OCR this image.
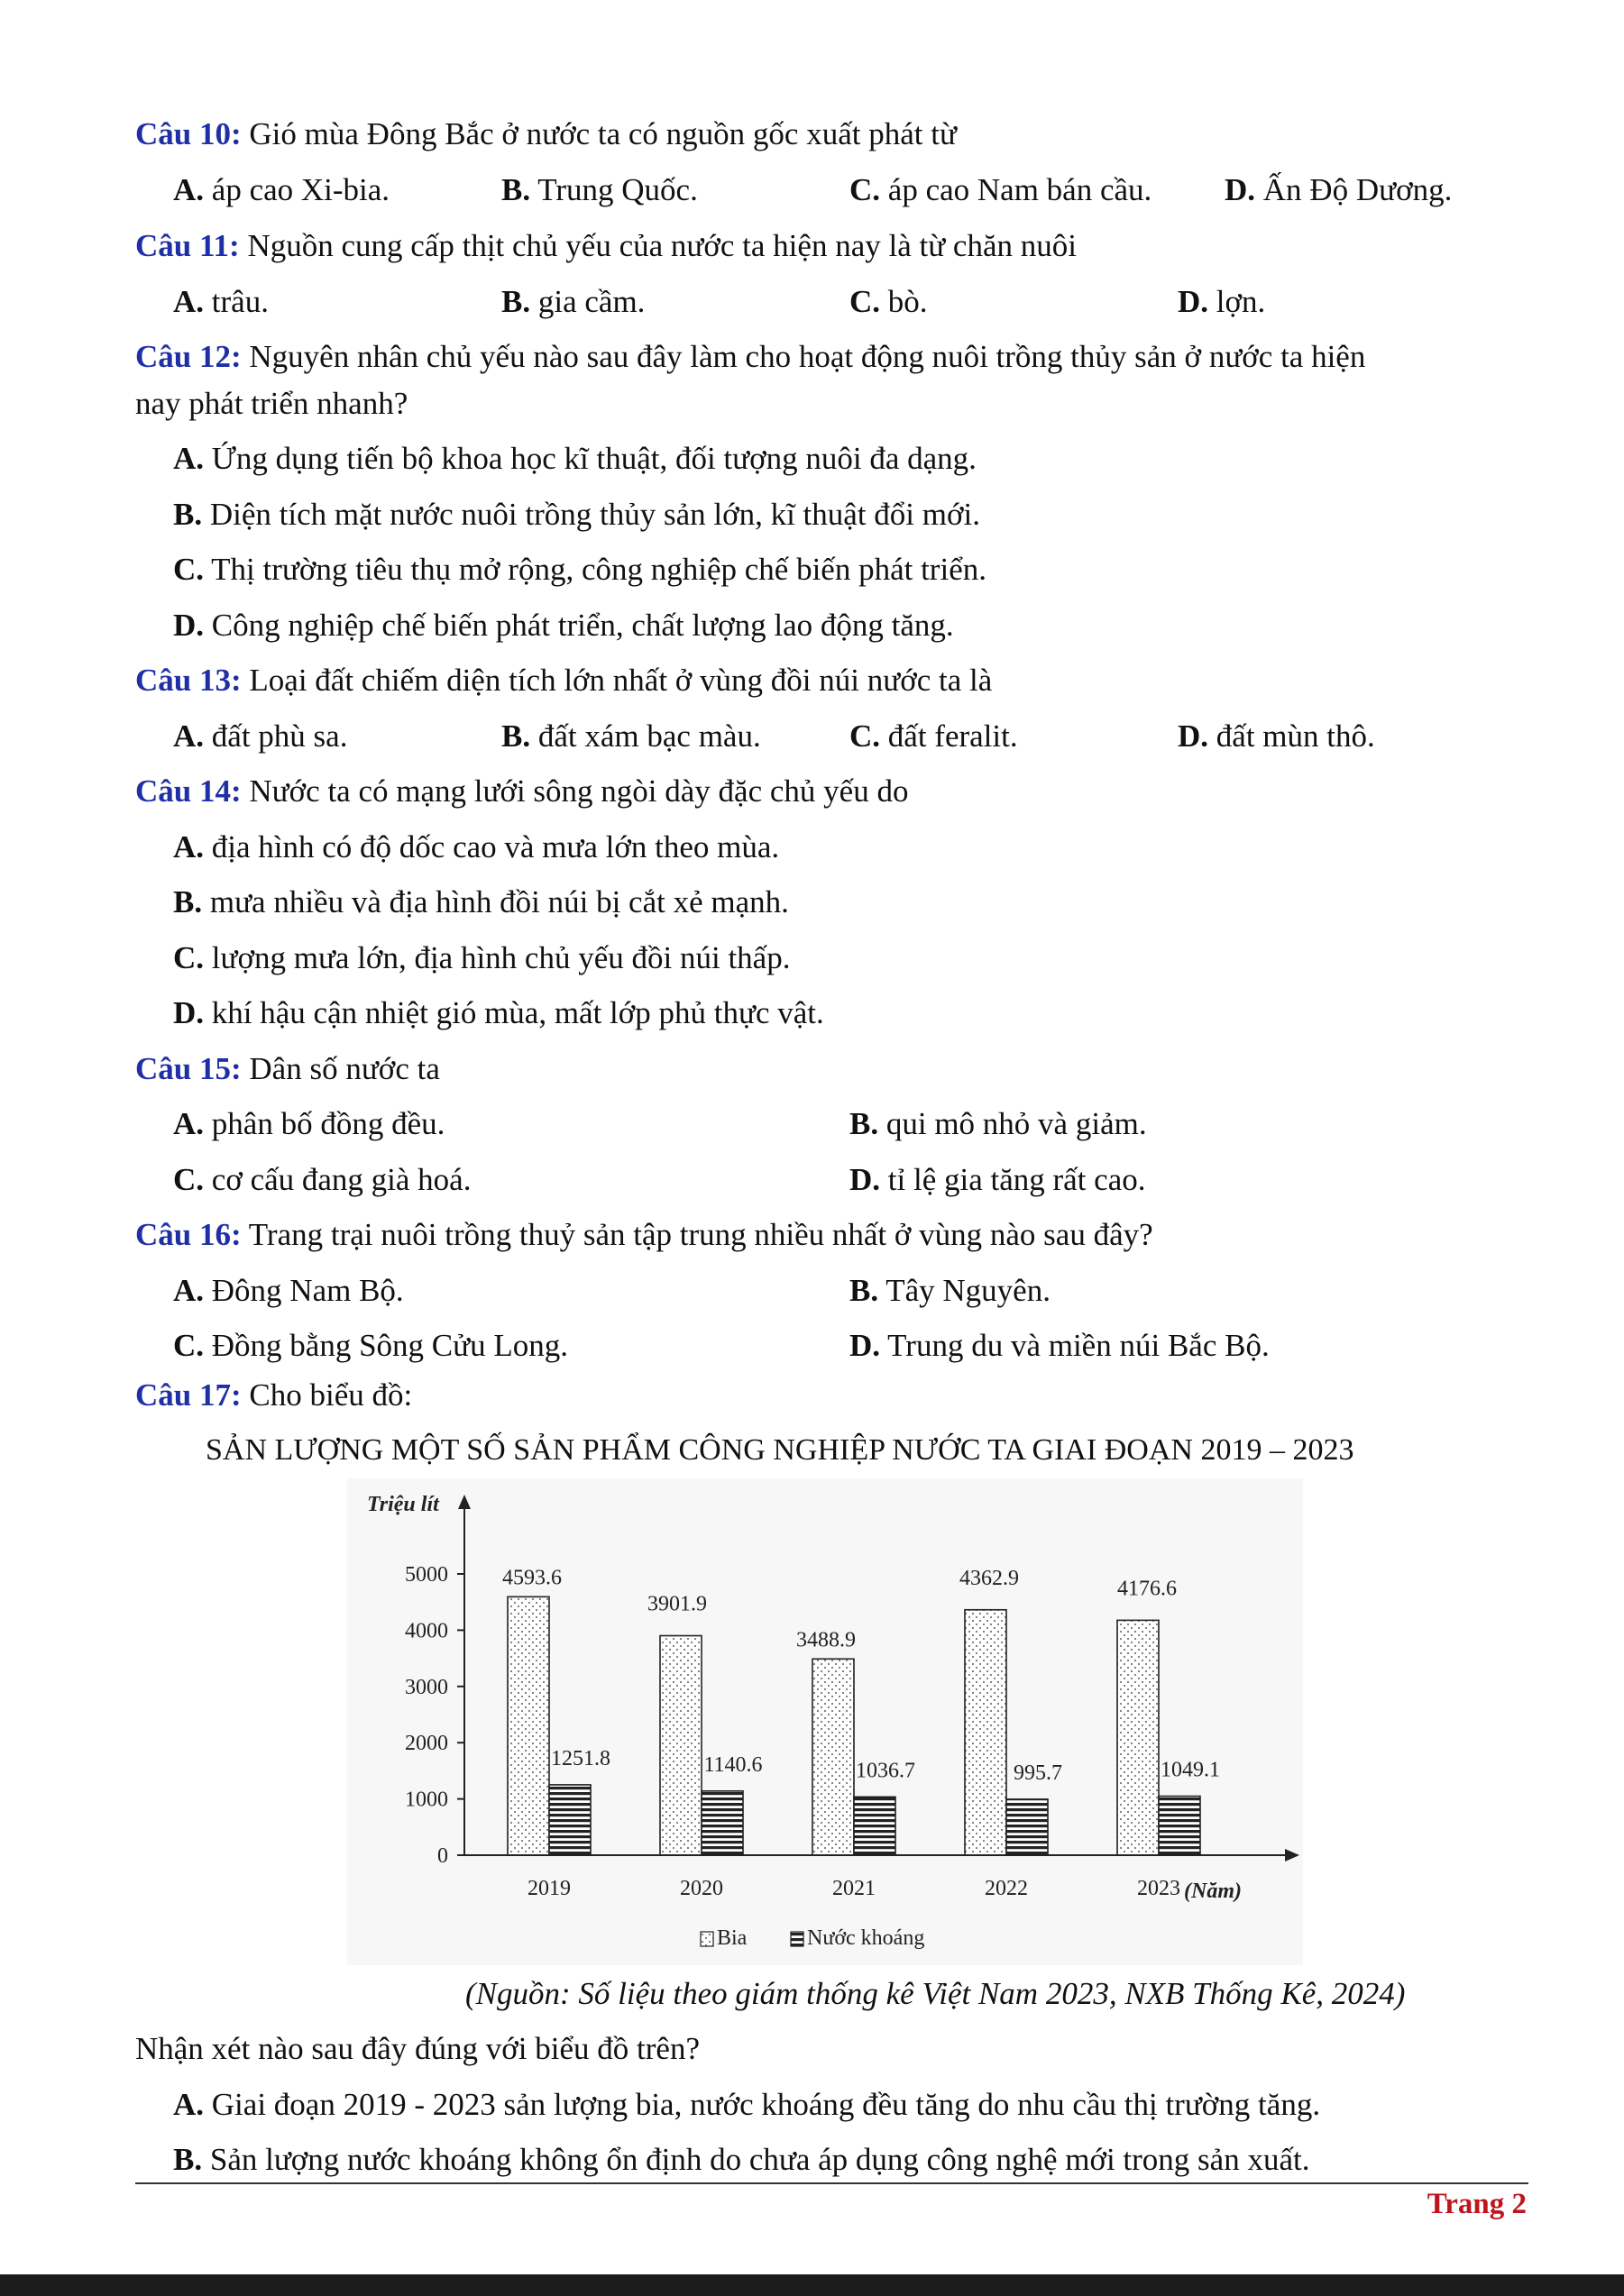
Câu 10: Gió mùa Đông Bắc ở nước ta có nguồn gốc xuất phát từ
A. áp cao Xi-bia.	B. Trung Quốc.	C. áp cao Nam bán cầu. D. Ấn Độ Dương.
Câu 11: Nguồn cung cấp thịt chủ yếu của nước ta hiện nay là từ chăn nuôi
A. trâu.	B. gia cầm.	C. bò.	D. lợn.
Câu 12: Nguyên nhân chủ yếu nào sau đây làm cho hoạt động nuôi trồng thủy sản ở nước ta hiện
nay phát triển nhanh?
A. Ứng dụng tiến bộ khoa học kĩ thuật, đối tượng nuôi đa dạng.
B. Diện tích mặt nước nuôi trồng thủy sản lớn, kĩ thuật đổi mới.
C. Thị trường tiêu thụ mở rộng, công nghiệp chế biến phát triển.
D. Công nghiệp chế biến phát triển, chất lượng lao động tăng.
Câu 13: Loại đất chiếm diện tích lớn nhất ở vùng đồi núi nước ta là
A. đất phù sa.	B. đất xám bạc màu.	C. đất feralit.	D. đất mùn thô.
Câu 14: Nước ta có mạng lưới sông ngòi dày đặc chủ yếu do
A. địa hình có độ dốc cao và mưa lớn theo mùa.
B. mưa nhiều và địa hình đồi núi bị cắt xẻ mạnh.
C. lượng mưa lớn, địa hình chủ yếu đồi núi thấp.
D. khí hậu cận nhiệt gió mùa, mất lớp phủ thực vật.
Câu 15: Dân số nước ta
A. phân bố đồng đều.	B. qui mô nhỏ và giảm.
C. cơ cấu đang già hoá.	D. tỉ lệ gia tăng rất cao.
Câu 16: Trang trại nuôi trồng thuỷ sản tập trung nhiều nhất ở vùng nào sau đây?
A. Đông Nam Bộ.	B. Tây Nguyên.
C. Đồng bằng Sông Cửu Long.	D. Trung du và miền núi Bắc Bộ.
Câu 17: Cho biểu đồ:
SẢN LƯỢNG MỘT SỐ SẢN PHẨM CÔNG NGHIỆP NƯỚC TA GIAI ĐOẠN 2019 – 2023
Triệu lít
0
1000
2000
3000
4000
5000	4593.6
1251.8
3901.9
1140.6
3488.9
1036.7
4362.9
995.7
4176.6
1049.1
2019	2020	2021	2022	2023 (Năm)
Bia	Nước khoáng
(Nguồn: Số liệu theo giám thống kê Việt Nam 2023, NXB Thống Kê, 2024)
Nhận xét nào sau đây đúng với biểu đồ trên?
A. Giai đoạn 2019 - 2023 sản lượng bia, nước khoáng đều tăng do nhu cầu thị trường tăng.
B. Sản lượng nước khoáng không ổn định do chưa áp dụng công nghệ mới trong sản xuất.
Trang 2
